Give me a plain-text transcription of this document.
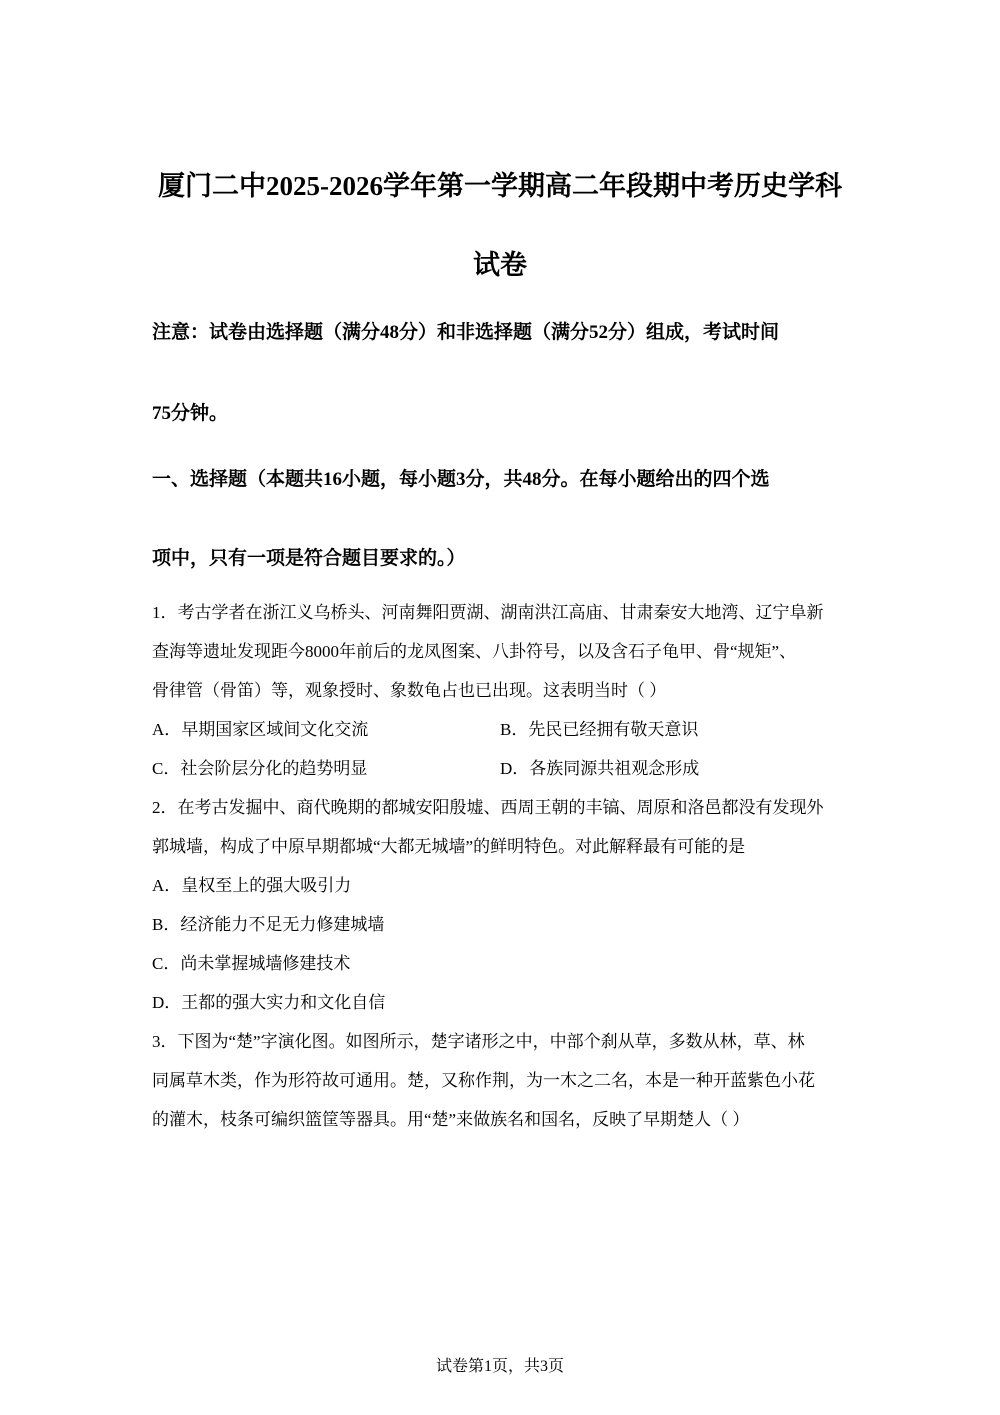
厦门二中2025-2026学年第一学期高二年段期中考历史学科
试卷
注意：试卷由选择题（满分48分）和非选择题（满分52分）组成，考试时间
75分钟。
一、选择题（本题共16小题，每小题3分，共48分。在每小题给出的四个选
项中，只有一项是符合题目要求的。）
1．考古学者在浙江义乌桥头、河南舞阳贾湖、湖南洪江高庙、甘肃秦安大地湾、辽宁阜新
查海等遗址发现距今8000年前后的龙凤图案、八卦符号，以及含石子龟甲、骨“规矩”、
骨律管（骨笛）等，观象授时、象数龟占也已出现。这表明当时（ ）
A．早期国家区域间文化交流	B．先民已经拥有敬天意识
C．社会阶层分化的趋势明显	D．各族同源共祖观念形成
2．在考古发掘中、商代晚期的都城安阳殷墟、西周王朝的丰镐、周原和洛邑都没有发现外
郭城墙，构成了中原早期都城“大都无城墙”的鲜明特色。对此解释最有可能的是
A．皇权至上的强大吸引力
B．经济能力不足无力修建城墙
C．尚未掌握城墙修建技术
D．王都的强大实力和文化自信
3．下图为“楚”字演化图。如图所示，楚字诸形之中，中部个刹从草，多数从林，草、林
同属草木类，作为形符故可通用。楚，又称作荆，为一木之二名，本是一种开蓝紫色小花
的灌木，枝条可编织篮筐等器具。用“楚”来做族名和国名，反映了早期楚人（ ）
试卷第1页，共3页
